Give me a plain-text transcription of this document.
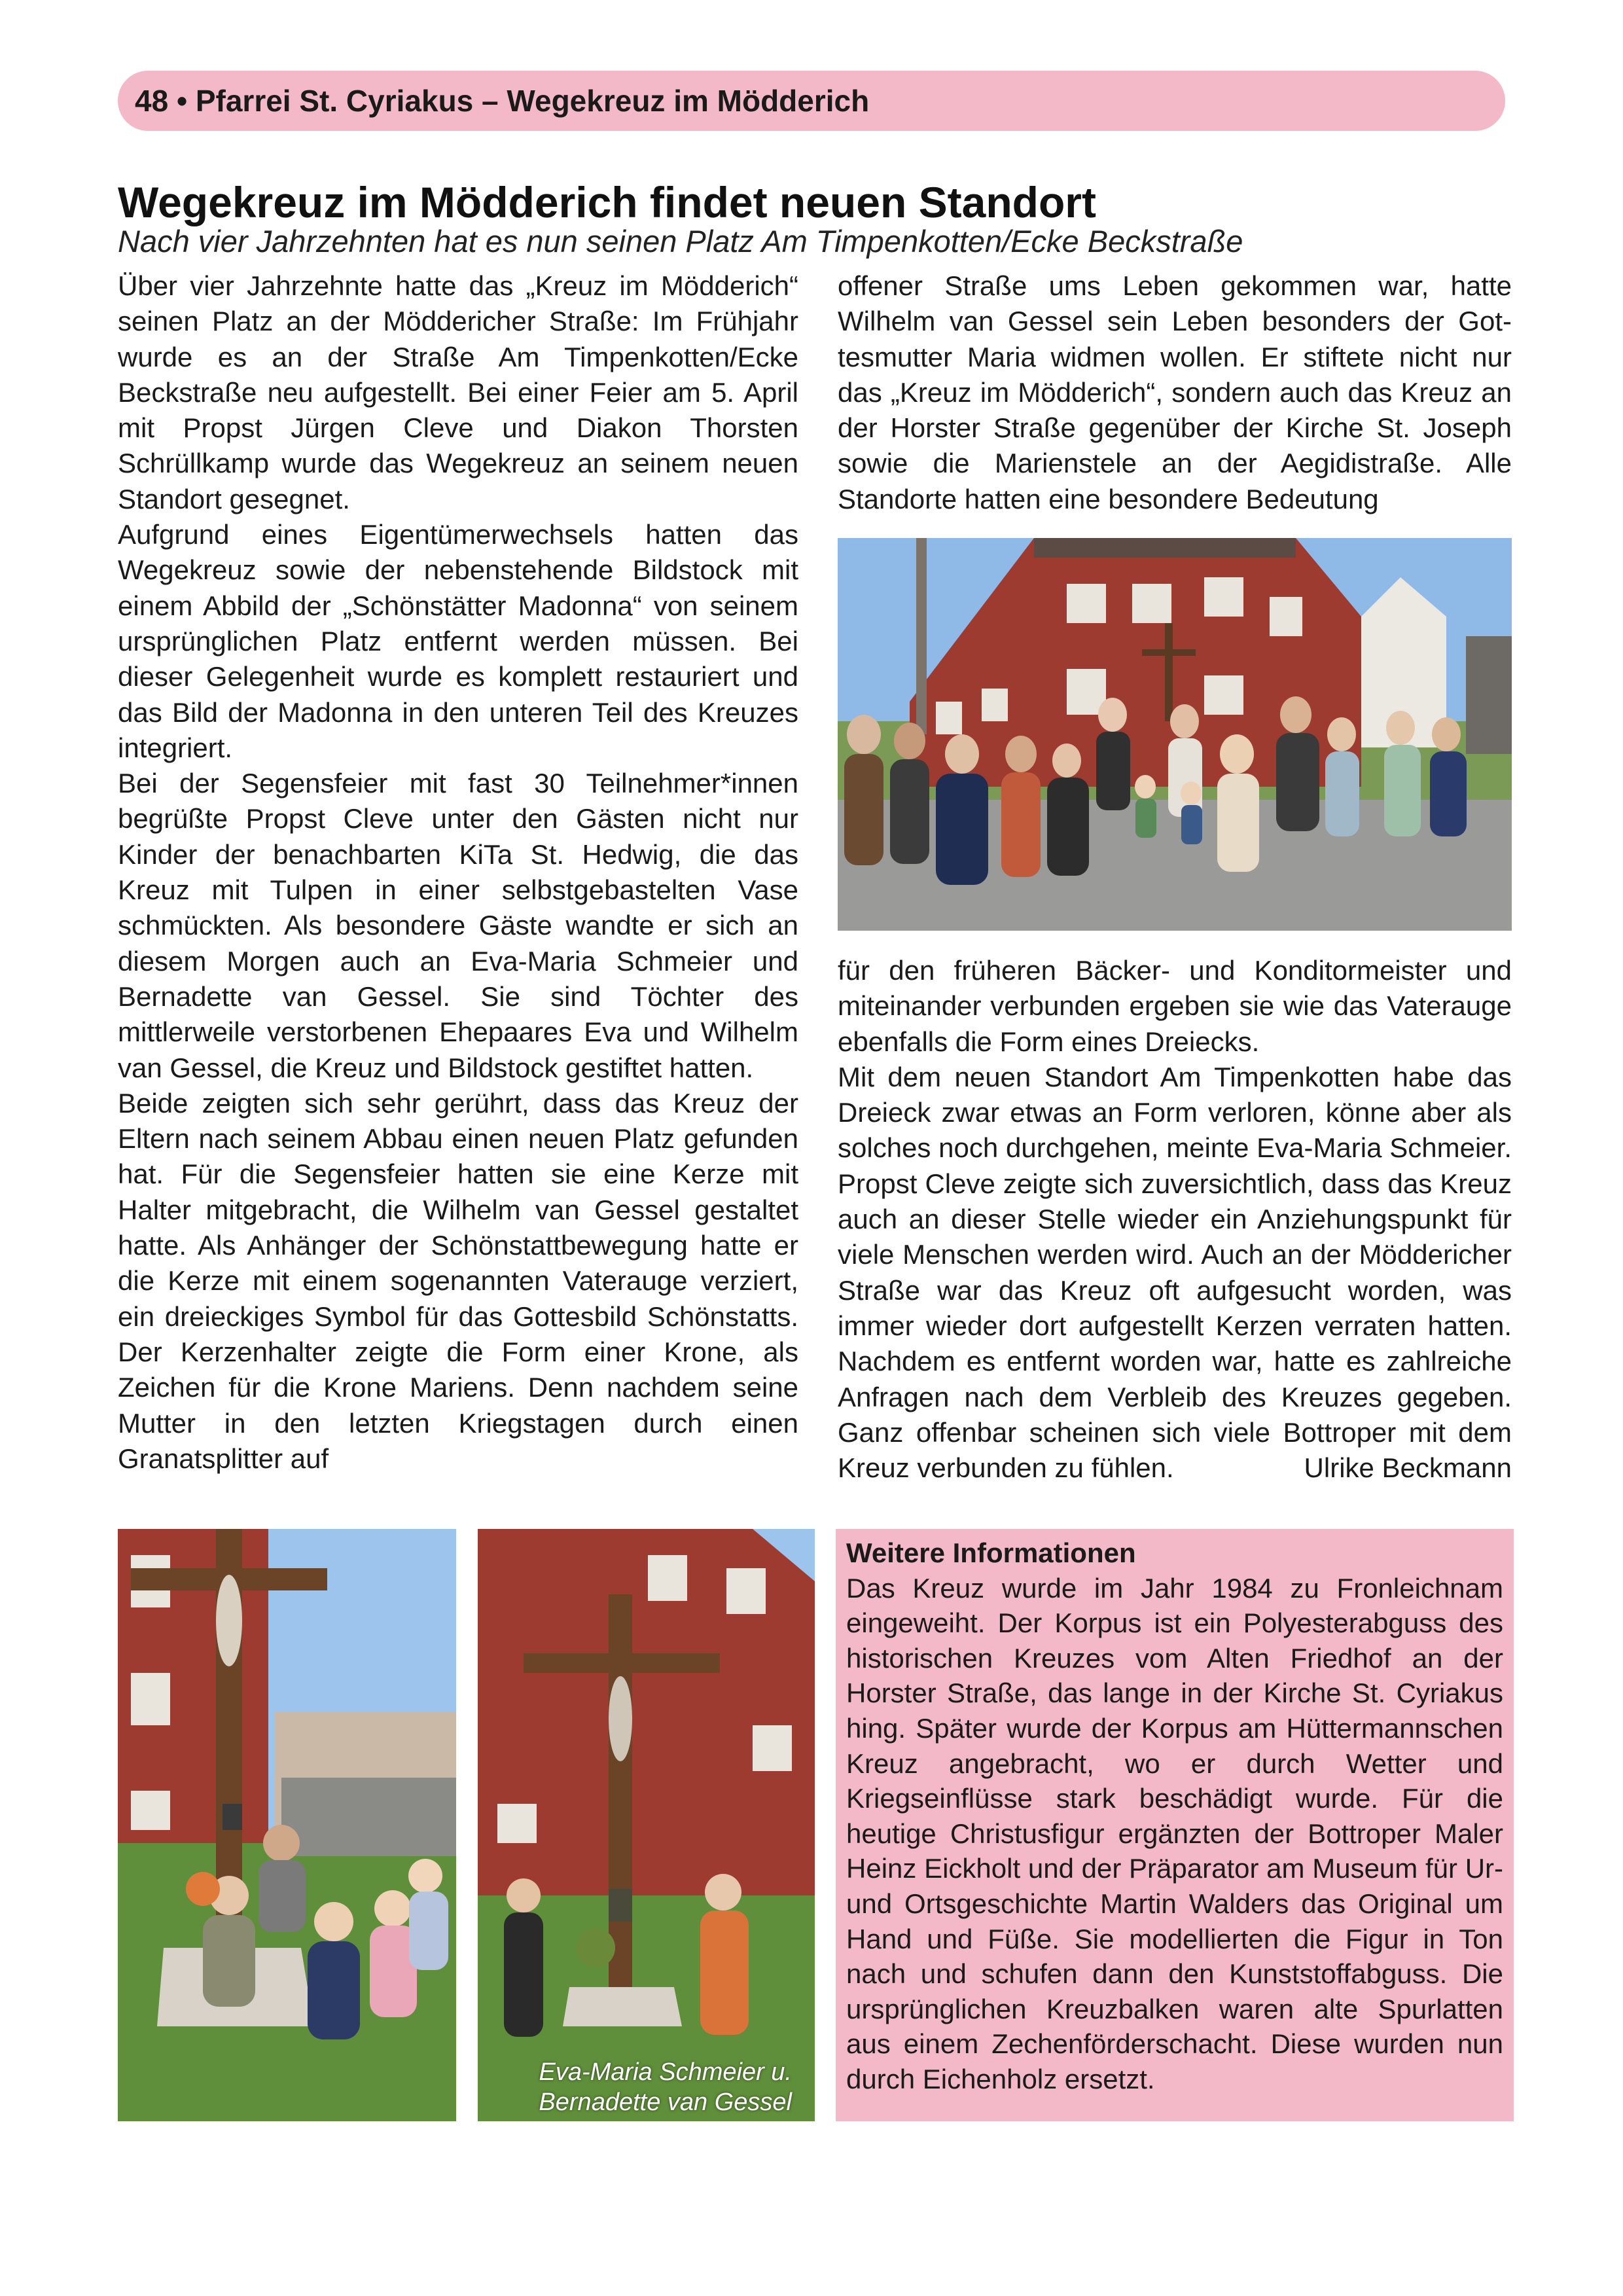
48 • Pfarrei St. Cyriakus – Wegekreuz im Mödderich
Wegekreuz im Mödderich findet neuen Standort
Nach vier Jahrzehnten hat es nun seinen Platz Am Timpenkotten/Ecke Beckstraße

Über vier Jahrzehnte hatte das „Kreuz im Mödderich“ seinen Platz an der Möddericher Straße: Im Frühjahr wurde es an der Straße Am Timpenkotten/Ecke Beckstraße neu aufgestellt. Bei einer Feier am 5. April mit Propst Jürgen Cleve und Diakon Thorsten Schrüllkamp wurde das Wegekreuz an seinem neuen Standort gesegnet.

Aufgrund eines Eigentümerwechsels hatten das Wegekreuz sowie der nebenstehende Bildstock mit einem Abbild der „Schönstätter Madonna“ von seinem ursprünglichen Platz entfernt werden müssen. Bei dieser Gelegenheit wurde es komplett restauriert und das Bild der Madonna in den unteren Teil des Kreuzes integriert.

Bei der Segensfeier mit fast 30 Teilnehmer*innen begrüßte Propst Cleve unter den Gästen nicht nur Kinder der benachbarten KiTa St. Hedwig, die das Kreuz mit Tulpen in einer selbstgebastelten Vase schmückten. Als besondere Gäste wandte er sich an diesem Morgen auch an Eva-Maria Schmeier und Bernadette van Gessel. Sie sind Töchter des mittlerweile verstorbenen Ehepaares Eva und Wilhelm van Gessel, die Kreuz und Bildstock gestiftet hatten.

Beide zeigten sich sehr gerührt, dass das Kreuz der Eltern nach seinem Abbau einen neuen Platz gefunden hat. Für die Segensfeier hatten sie eine Kerze mit Halter mitgebracht, die Wilhelm van Gessel gestaltet hatte. Als Anhänger der Schönstattbewegung hatte er die Kerze mit einem sogenannten Vaterauge verziert, ein dreieckiges Symbol für das Gottesbild Schönstatts. Der Kerzenhalter zeigte die Form einer Krone, als Zeichen für die Krone Mariens. Denn nachdem seine Mutter in den letzten Kriegstagen durch einen Granatsplitter auf

offener Straße ums Leben gekommen war, hatte Wilhelm van Gessel sein Leben besonders der Gottesmutter Maria widmen wollen. Er stiftete nicht nur das „Kreuz im Mödderich“, sondern auch das Kreuz an der Horster Straße gegenüber der Kirche St. Joseph sowie die Marienstele an der Aegidistraße. Alle Standorte hatten eine besondere Bedeutung

für den früheren Bäcker- und Konditormeister und miteinander verbunden ergeben sie wie das Vaterauge ebenfalls die Form eines Dreiecks.

Mit dem neuen Standort Am Timpenkotten habe das Dreieck zwar etwas an Form verloren, könne aber als solches noch durchgehen, meinte Eva-Maria Schmeier. Propst Cleve zeigte sich zuversichtlich, dass das Kreuz auch an dieser Stelle wieder ein Anziehungspunkt für viele Menschen werden wird. Auch an der Möddericher Straße war das Kreuz oft aufgesucht worden, was immer wieder dort aufgestellt Kerzen verraten hatten. Nachdem es entfernt worden war, hatte es zahlreiche Anfragen nach dem Verbleib des Kreuzes gegeben. Ganz offenbar scheinen sich viele Bottroper mit dem Kreuz verbunden zu fühlen.	Ulrike Beckmann

Eva-Maria Schmeier u.
Bernadette van Gessel
Weitere Informationen
Das Kreuz wurde im Jahr 1984 zu Fronleichnam eingeweiht. Der Korpus ist ein Polyesterabguss des historischen Kreuzes vom Alten Friedhof an der Horster Straße, das lange in der Kirche St. Cyriakus hing. Später wurde der Korpus am Hüttermannschen Kreuz angebracht, wo er durch Wetter und Kriegseinflüsse stark beschädigt wurde. Für die heutige Christusfigur ergänzten der Bottroper Maler Heinz Eickholt und der Präparator am Museum für Ur- und Ortsgeschichte Martin Walders das Original um Hand und Füße. Sie modellierten die Figur in Ton nach und schufen dann den Kunststoffabguss. Die ursprünglichen Kreuzbalken waren alte Spurlatten aus einem Zechenförderschacht. Diese wurden nun durch Eichenholz ersetzt.
